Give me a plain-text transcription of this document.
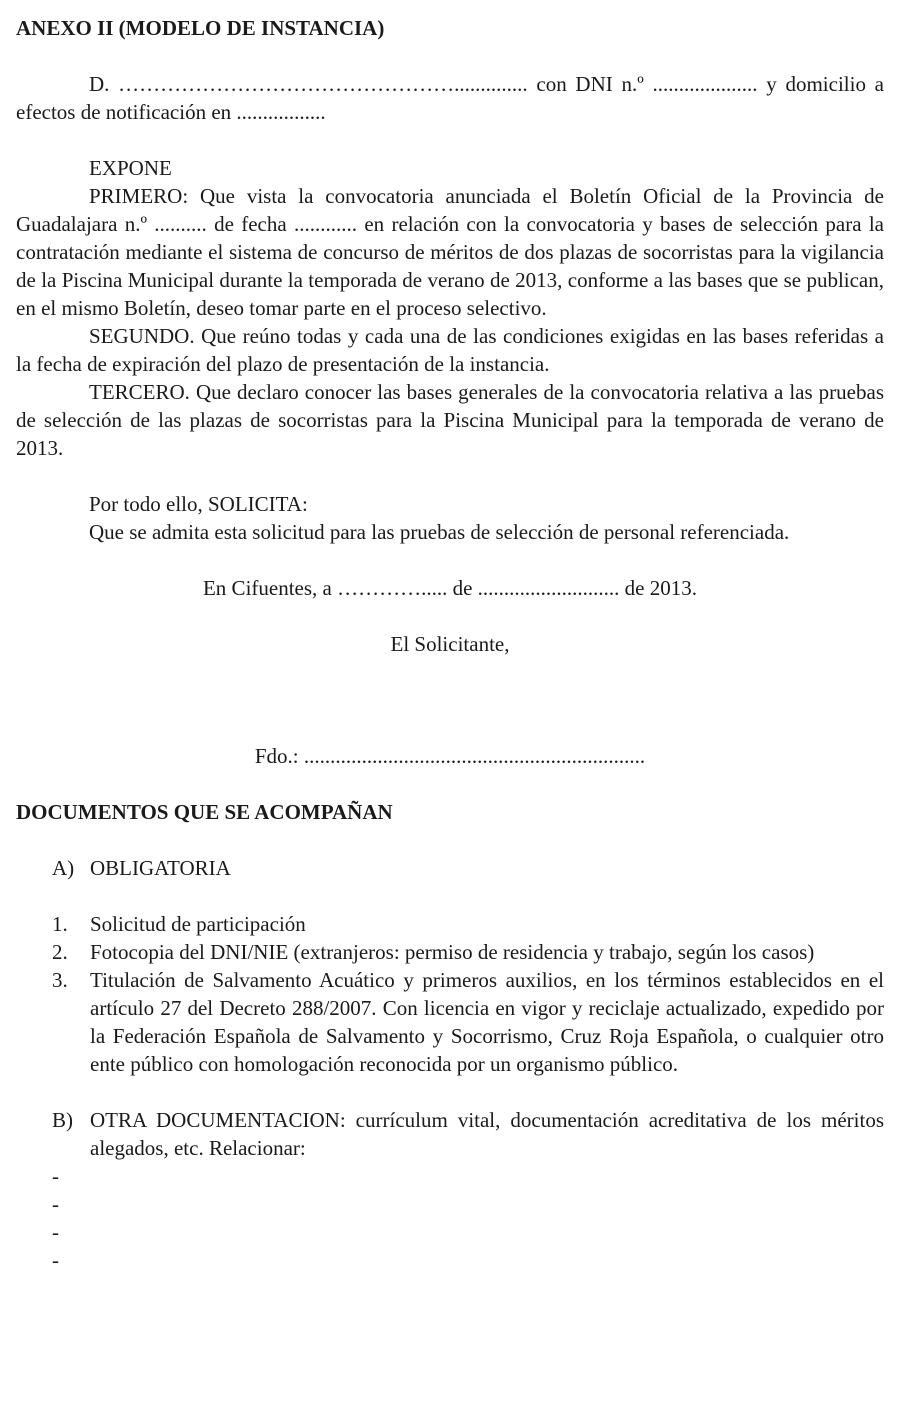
ANEXO II (MODELO DE INSTANCIA)

D. ………………………………………….............. con DNI n.º .................... y domicilio a efectos de notificación en .................

EXPONE

PRIMERO: Que vista la convocatoria anunciada el Boletín Oficial de la Provincia de Guadalajara n.º .......... de fecha ............ en relación con la convocatoria y bases de selección para la contratación mediante el sistema de concurso de méritos de dos plazas de socorristas para la vigilancia de la Piscina Municipal durante la temporada de verano de 2013, conforme a las bases que se publican, en el mismo Boletín, deseo tomar parte en el proceso selectivo.

SEGUNDO. Que reúno todas y cada una de las condiciones exigidas en las bases referidas a la fecha de expiración del plazo de presentación de la instancia.

TERCERO. Que declaro conocer las bases generales de la convocatoria relativa a las pruebas de selección de las plazas de socorristas para la Piscina Municipal para la temporada de verano de 2013.

Por todo ello, SOLICITA:

Que se admita esta solicitud para las pruebas de selección de personal referenciada.

En Cifuentes, a …………..... de ........................... de 2013.

El Solicitante,

Fdo.: .................................................................

DOCUMENTOS QUE SE ACOMPAÑAN

A) OBLIGATORIA
1. Solicitud de participación
2. Fotocopia del DNI/NIE (extranjeros: permiso de residencia y trabajo, según los casos)
3. Titulación de Salvamento Acuático y primeros auxilios, en los términos establecidos en el artículo 27 del Decreto 288/2007. Con licencia en vigor y reciclaje actualizado, expedido por la Federación Española de Salvamento y Socorrismo, Cruz Roja Española, o cualquier otro ente público con homologación reconocida por un organismo público.
B) OTRA DOCUMENTACION: currículum vital, documentación acreditativa de los méritos alegados, etc. Relacionar:

-

-

-

-
